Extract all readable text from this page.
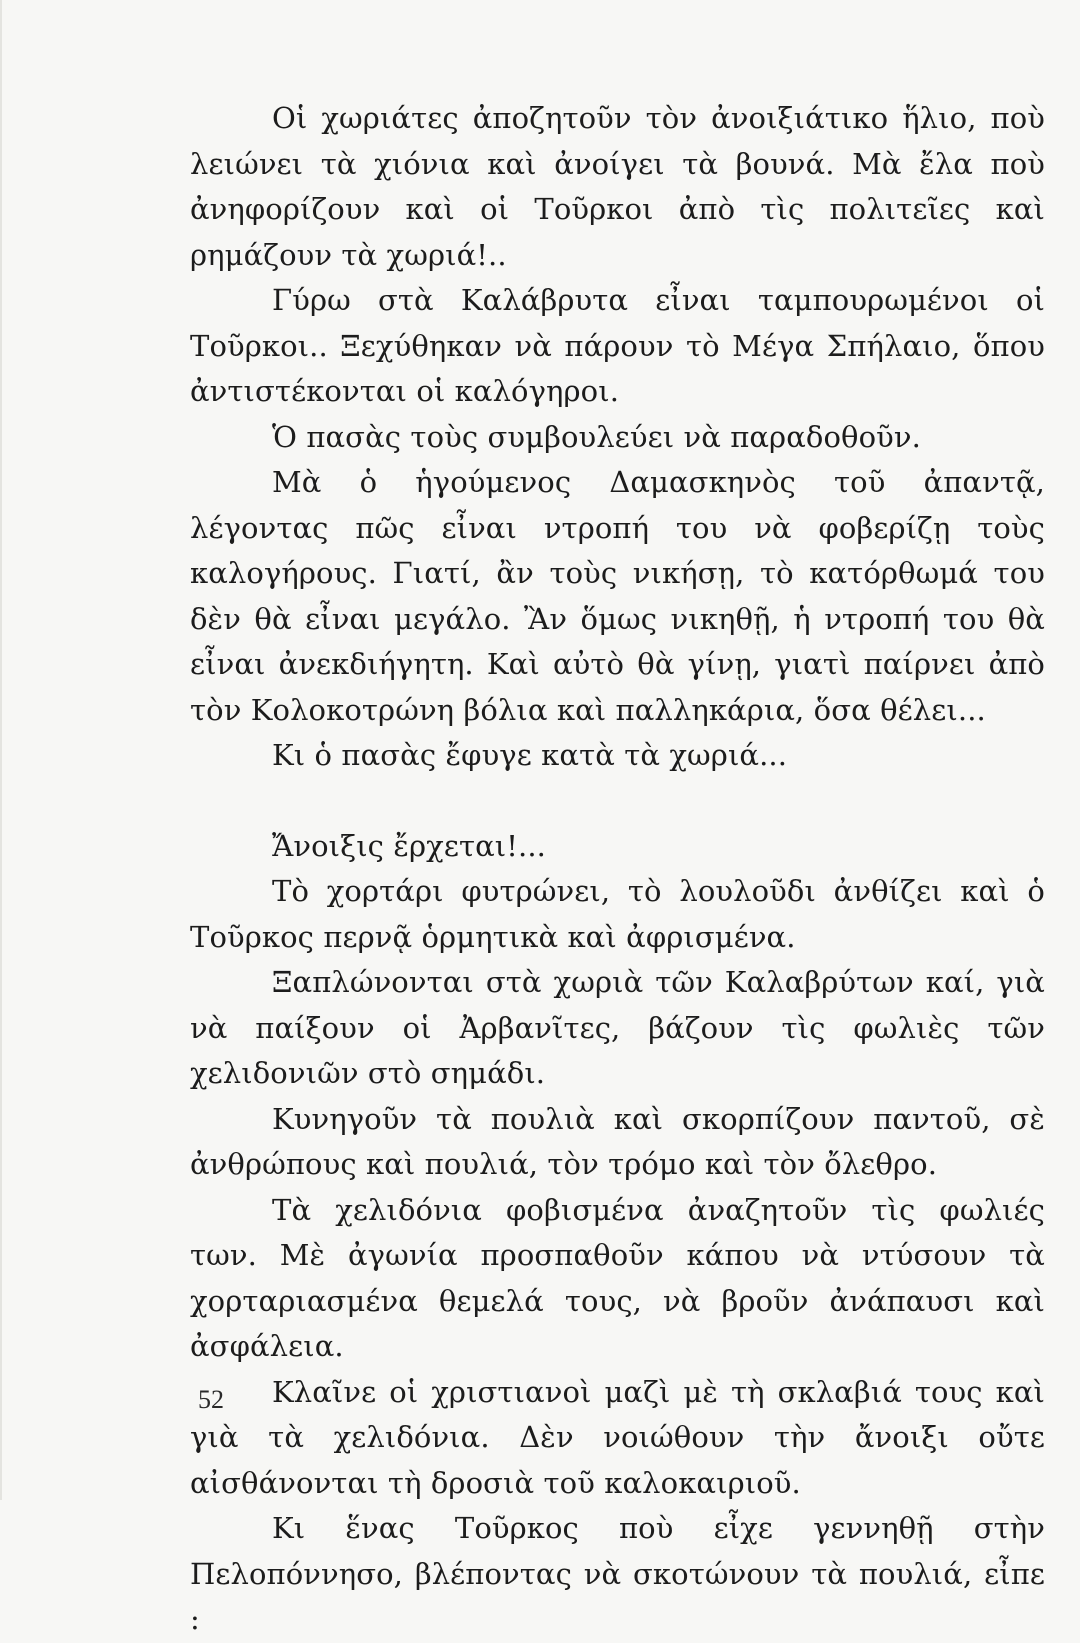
Οἱ χωριάτες ἀποζητοῦν τὸν ἀνοιξιάτικο ἥλιο, ποὺ λειώνει τὰ χιόνια καὶ ἀνοίγει τὰ βουνά. Μὰ ἔλα ποὺ ἀνηφορίζουν καὶ οἱ Τοῦρκοι ἀπὸ τὶς πολιτεῖες καὶ ρημάζουν τὰ χωριά!..

Γύρω στὰ Καλάβρυτα εἶναι ταμπουρωμένοι οἱ Τοῦρκοι.. Ξεχύθηκαν νὰ πάρουν τὸ Μέγα Σπήλαιο, ὅπου ἀντιστέκονται οἱ καλόγηροι.

Ὁ πασὰς τοὺς συμβουλεύει νὰ παραδοθοῦν.

Μὰ ὁ ἡγούμενος Δαμασκηνὸς τοῦ ἀπαντᾷ, λέγοντας πῶς εἶναι ντροπή του νὰ φοβερίζῃ τοὺς καλογήρους. Γιατί, ἂν τοὺς νικήσῃ, τὸ κατόρθωμά του δὲν θὰ εἶναι μεγάλο. Ἂν ὅμως νικηθῇ, ἡ ντροπή του θὰ εἶναι ἀνεκδιήγητη. Καὶ αὐτὸ θὰ γίνῃ, γιατὶ παίρνει ἀπὸ τὸν Κολοκοτρώνη βόλια καὶ παλληκάρια, ὅσα θέλει...

Κι ὁ πασὰς ἔφυγε κατὰ τὰ χωριά...

Ἄνοιξις ἔρχεται!...

Τὸ χορτάρι φυτρώνει, τὸ λουλοῦδι ἀνθίζει καὶ ὁ Τοῦρκος περνᾷ ὁρμητικὰ καὶ ἀφρισμένα.

Ξαπλώνονται στὰ χωριὰ τῶν Καλαβρύτων καί, γιὰ νὰ παίξουν οἱ Ἀρβανῖτες, βάζουν τὶς φωλιὲς τῶν χελιδονιῶν στὸ σημάδι.

Κυνηγοῦν τὰ πουλιὰ καὶ σκορπίζουν παντοῦ, σὲ ἀνθρώπους καὶ πουλιά, τὸν τρόμο καὶ τὸν ὄλεθρο.

Τὰ χελιδόνια φοβισμένα ἀναζητοῦν τὶς φωλιές των. Μὲ ἀγωνία προσπαθοῦν κάπου νὰ ντύσουν τὰ χορταριασμένα θεμελά τους, νὰ βροῦν ἀνάπαυσι καὶ ἀσφάλεια.

Κλαῖνε οἱ χριστιανοὶ μαζὶ μὲ τὴ σκλαβιά τους καὶ γιὰ τὰ χελιδόνια. Δὲν νοιώθουν τὴν ἄνοιξι οὔτε αἰσθάνονται τὴ δροσιὰ τοῦ καλοκαιριοῦ.

Κι ἕνας Τοῦρκος ποὺ εἶχε γεννηθῇ στὴν Πελοπόννησο, βλέποντας νὰ σκοτώνουν τὰ πουλιά, εἶπε :

52
